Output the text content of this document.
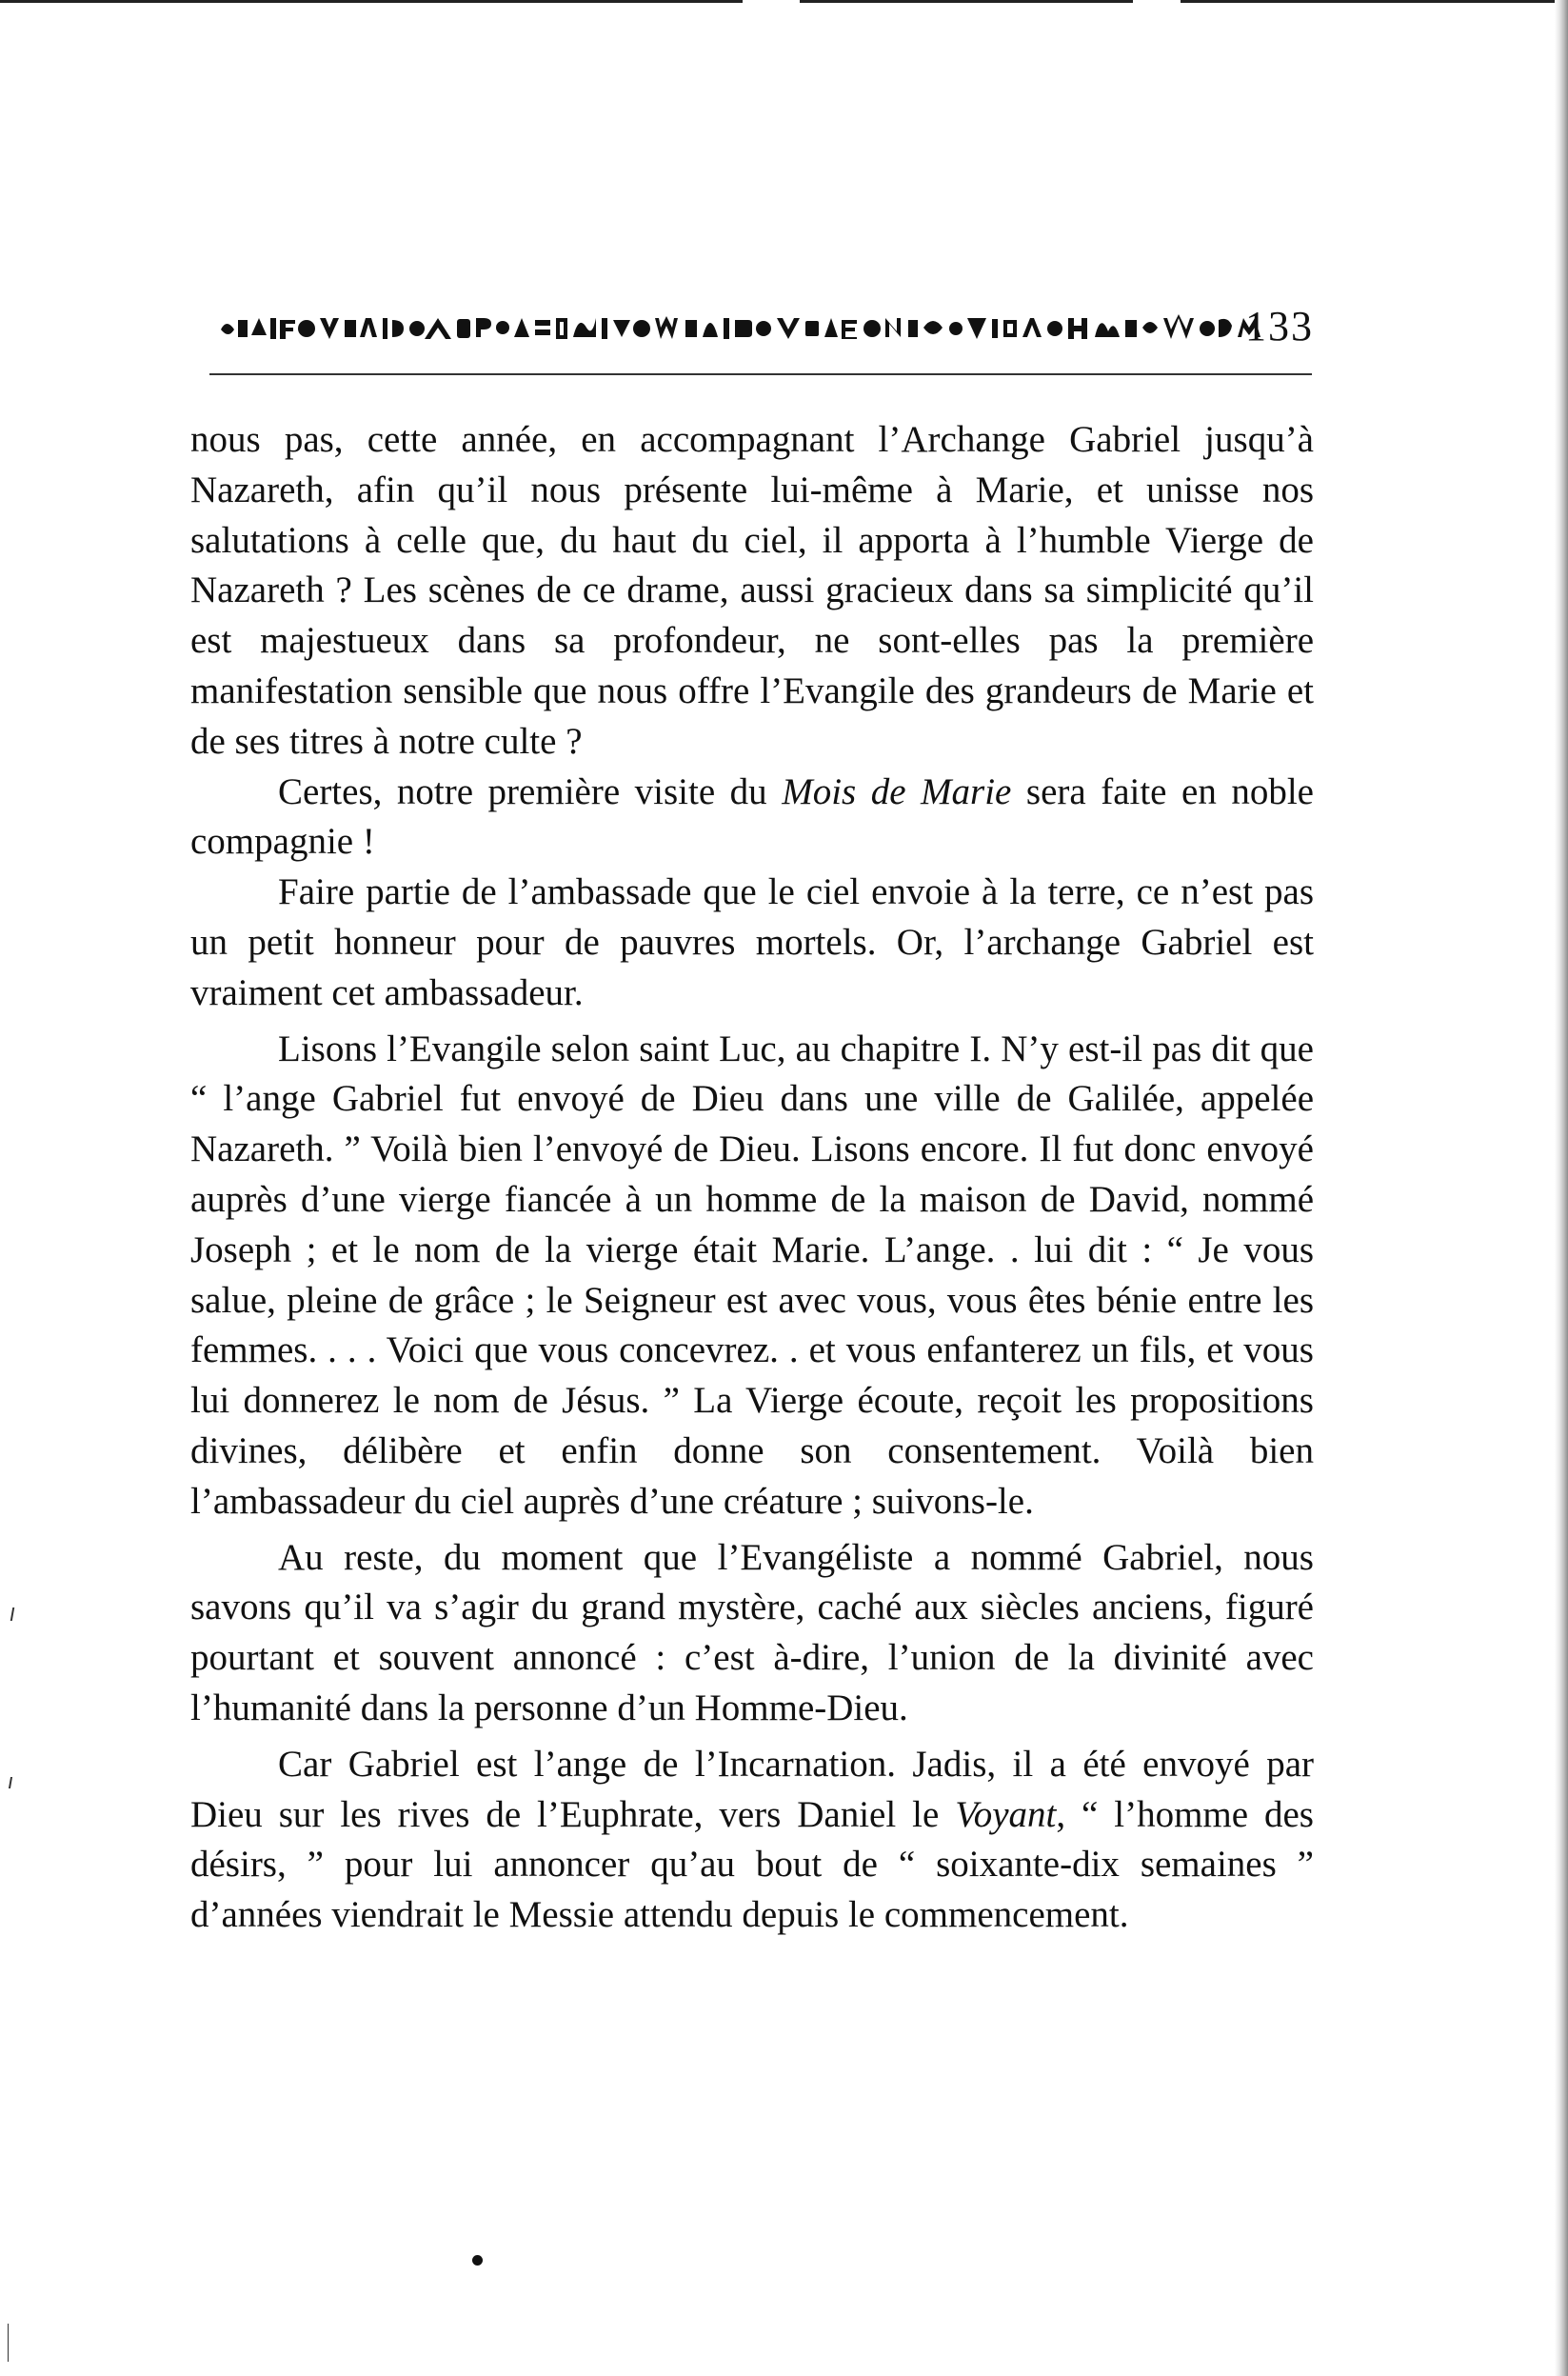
133

nous pas, cette année, en accompagnant l’Archange Gabriel jusqu’à Nazareth, afin qu’il nous présente lui-même à Marie, et unisse nos salutations à celle que, du haut du ciel, il apporta à l’humble Vierge de Nazareth ? Les scènes de ce drame, aussi gracieux dans sa simplicité qu’il est majestueux dans sa profondeur, ne sont-elles pas la première manifestation sensible que nous offre l’Evangile des grandeurs de Marie et de ses titres à notre culte ?

Certes, notre première visite du Mois de Marie sera faite en noble compagnie !

Faire partie de l’ambassade que le ciel envoie à la terre, ce n’est pas un petit honneur pour de pauvres mortels. Or, l’archange Gabriel est vraiment cet ambassadeur.

Lisons l’Evangile selon saint Luc, au chapitre I. N’y est-il pas dit que “ l’ange Gabriel fut envoyé de Dieu dans une ville de Galilée, appelée Nazareth. ” Voilà bien l’envoyé de Dieu. Lisons encore. Il fut donc envoyé auprès d’une vierge fiancée à un homme de la maison de David, nommé Joseph ; et le nom de la vierge était Marie. L’ange. . lui dit : “ Je vous salue, pleine de grâce ; le Seigneur est avec vous, vous êtes bénie entre les femmes. . . . Voici que vous concevrez. . et vous enfanterez un fils, et vous lui donnerez le nom de Jésus. ” La Vierge écoute, reçoit les propositions divines, délibère et enfin donne son consentement. Voilà bien l’ambassadeur du ciel auprès d’une créature ; suivons-le.

Au reste, du moment que l’Evangéliste a nommé Gabriel, nous savons qu’il va s’agir du grand mystère, caché aux siècles anciens, figuré pourtant et souvent annoncé : c’est à-dire, l’union de la divinité avec l’humanité dans la personne d’un Homme-Dieu.

Car Gabriel est l’ange de l’Incarnation. Jadis, il a été envoyé par Dieu sur les rives de l’Euphrate, vers Daniel le Voyant, “ l’homme des désirs, ” pour lui annoncer qu’au bout de “ soixante-dix semaines ” d’années viendrait le Messie attendu depuis le commencement.
